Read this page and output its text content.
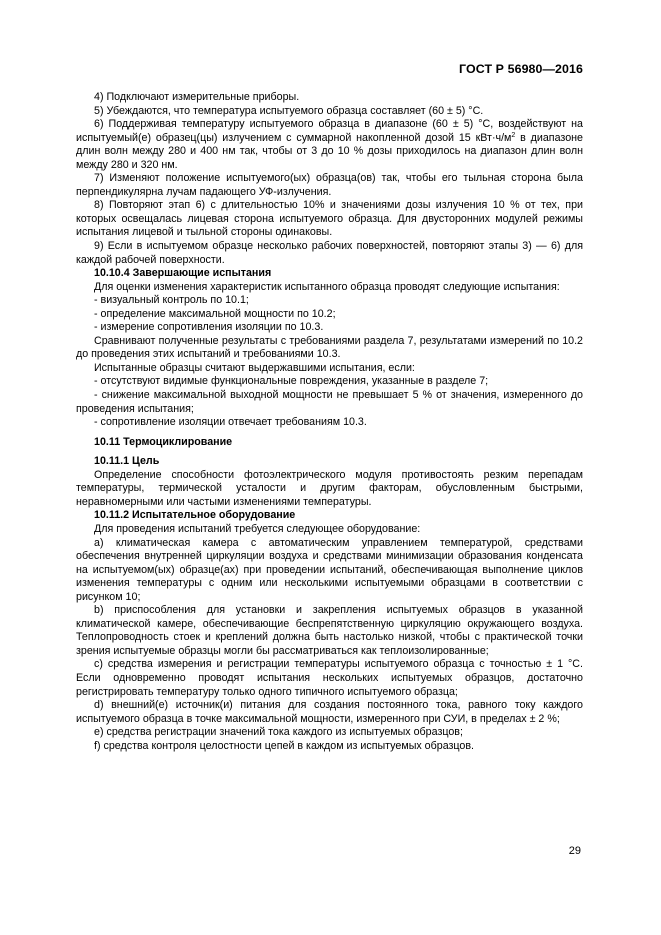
ГОСТ Р 56980—2016

4) Подключают измерительные приборы.

5) Убеждаются, что температура испытуемого образца составляет (60 ± 5) °С.

6) Поддерживая температуру испытуемого образца в диапазоне (60 ± 5) °С, воздействуют на испытуемый(е) образец(цы) излучением с суммарной накопленной дозой 15 $кВт\cdot ч/м^2$ в диапазоне длин волн между 280 и 400 нм так, чтобы от 3 до 10 % дозы приходилось на диапазон длин волн между 280 и 320 нм.

7) Изменяют положение испытуемого(ых) образца(ов) так, чтобы его тыльная сторона была перпендикулярна лучам падающего УФ-излучения.

8) Повторяют этап 6) с длительностью 10% и значениями дозы излучения 10 % от тех, при которых освещалась лицевая сторона испытуемого образца. Для двусторонних модулей режимы испытания лицевой и тыльной стороны одинаковы.

9) Если в испытуемом образце несколько рабочих поверхностей, повторяют этапы 3) — 6) для каждой рабочей поверхности.

10.10.4 Завершающие испытания

Для оценки изменения характеристик испытанного образца проводят следующие испытания:

- визуальный контроль по 10.1;

- определение максимальной мощности по 10.2;

- измерение сопротивления изоляции по 10.3.

Сравнивают полученные результаты с требованиями раздела 7, результатами измерений по 10.2 до проведения этих испытаний и требованиями 10.3.

Испытанные образцы считают выдержавшими испытания, если:

- отсутствуют видимые функциональные повреждения, указанные в разделе 7;

- снижение максимальной выходной мощности не превышает 5 % от значения, измеренного до проведения испытания;

- сопротивление изоляции отвечает требованиям 10.3.

10.11 Термоциклирование

10.11.1 Цель

Определение способности фотоэлектрического модуля противостоять резким перепадам температуры, термической усталости и другим факторам, обусловленным быстрыми, неравномерными или частыми изменениями температуры.

10.11.2 Испытательное оборудование

Для проведения испытаний требуется следующее оборудование:

а) климатическая камера с автоматическим управлением температурой, средствами обеспечения внутренней циркуляции воздуха и средствами минимизации образования конденсата на испытуемом(ых) образце(ах) при проведении испытаний, обеспечивающая выполнение циклов изменения температуры с одним или несколькими испытуемыми образцами в соответствии с рисунком 10;

b) приспособления для установки и закрепления испытуемых образцов в указанной климатической камере, обеспечивающие беспрепятственную циркуляцию окружающего воздуха. Теплопроводность стоек и креплений должна быть настолько низкой, чтобы с практической точки зрения испытуемые образцы могли бы рассматриваться как теплоизолированные;

с) средства измерения и регистрации температуры испытуемого образца с точностью ± 1 °С. Если одновременно проводят испытания нескольких испытуемых образцов, достаточно регистрировать температуру только одного типичного испытуемого образца;

d) внешний(е) источник(и) питания для создания постоянного тока, равного току каждого испытуемого образца в точке максимальной мощности, измеренного при СУИ, в пределах ± 2 %;

е) средства регистрации значений тока каждого из испытуемых образцов;

f) средства контроля целостности цепей в каждом из испытуемых образцов.

29
